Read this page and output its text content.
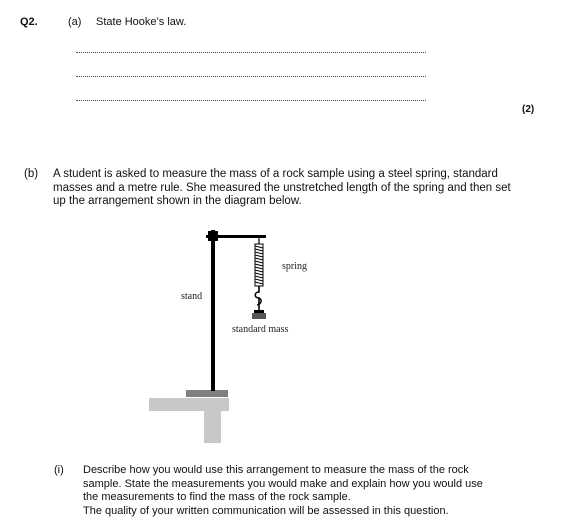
Q2.	(a) State Hooke’s law.
(2)
(b) A student is asked to measure the mass of a rock sample using a steel spring, standard
masses and a metre rule. She measured the unstretched length of the spring and then set
up the arrangement shown in the diagram below.
spring
stand
standard mass
(i) Describe how you would use this arrangement to measure the mass of the rock
sample. State the measurements you would make and explain how you would use
the measurements to find the mass of the rock sample.
The quality of your written communication will be assessed in this question.
